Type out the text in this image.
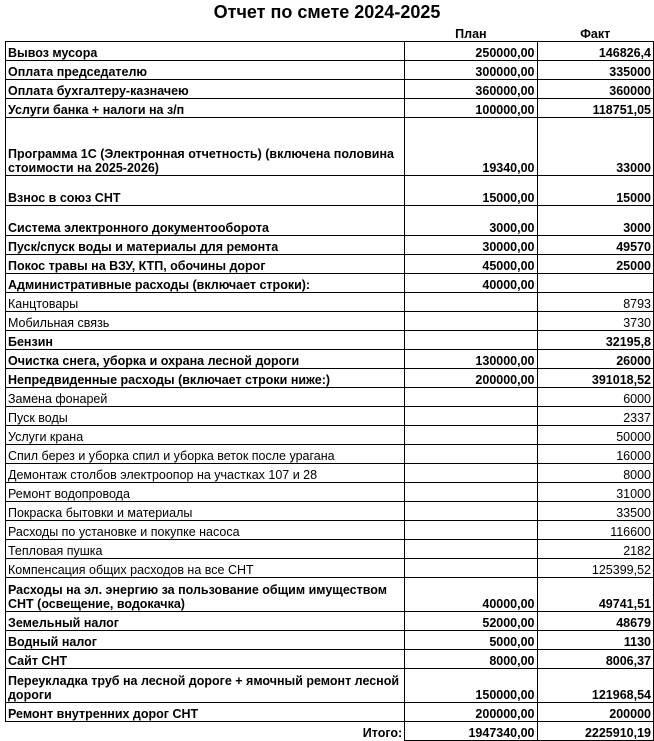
Отчет по смете 2024-2025
	План	Факт
Вывоз мусора	250000,00	146826,4
Оплата председателю	300000,00	335000
Оплата бухгалтеру-казначею	360000,00	360000
Услуги банка + налоги на з/п	100000,00	118751,05
Программа 1С (Электронная отчетность) (включена половина стоимости на 2025-2026)	19340,00	33000
Взнос в союз СНТ	15000,00	15000
Система электронного документооборота	3000,00	3000
Пуск/спуск воды и материалы для ремонта	30000,00	49570
Покос травы на ВЗУ, КТП, обочины дорог	45000,00	25000
Административные расходы (включает строки):	40000,00	
Канцтовары		8793
Мобильная связь		3730
Бензин		32195,8
Очистка снега, уборка и охрана лесной дороги	130000,00	26000
Непредвиденные расходы (включает строки ниже:)	200000,00	391018,52
Замена фонарей		6000
Пуск воды		2337
Услуги крана		50000
Спил берез и уборка спил и уборка веток после урагана		16000
Демонтаж столбов электроопор на участках 107 и 28		8000
Ремонт водопровода		31000
Покраска бытовки и материалы		33500
Расходы по установке и покупке насоса		116600
Тепловая пушка		2182
Компенсация общих расходов на все СНТ		125399,52
Расходы на эл. энергию за пользование общим имуществом СНТ (освещение, водокачка)	40000,00	49741,51
Земельный налог	52000,00	48679
Водный налог	5000,00	1130
Сайт СНТ	8000,00	8006,37
Переукладка труб на лесной дороге + ямочный ремонт лесной дороги	150000,00	121968,54
Ремонт внутренних дорог СНТ	200000,00	200000
Итого:	1947340,00	2225910,19
